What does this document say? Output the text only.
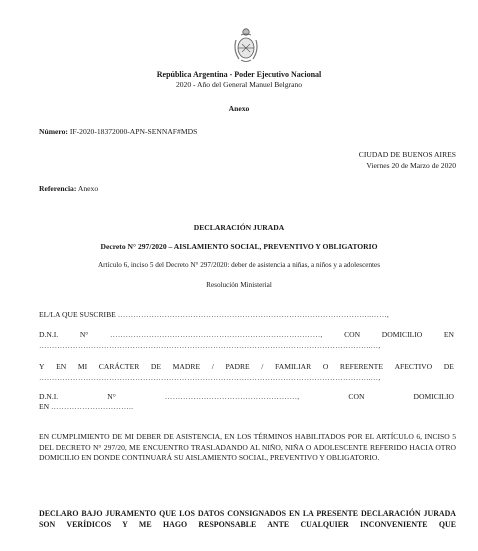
República Argentina - Poder Ejecutivo Nacional
2020 - Año del General Manuel Belgrano
Anexo
Número: IF-2020-18372000-APN-SENNAF#MDS
CIUDAD DE BUENOS AIRES
Viernes 20 de Marzo de 2020
Referencia: Anexo
DECLARACIÓN JURADA
Decreto N° 297/2020 – AISLAMIENTO SOCIAL, PREVENTIVO Y OBLIGATORIO
Artículo 6, inciso 5 del Decreto N° 297/2020: deber de asistencia a niñas, a niños y a adolescentes
Resolución Ministerial
EL/LA QUE SUSCRIBE ……………………………………………………………………………………..……,
D.N.I.	N°	………………………………………………………………………,	CON	DOMICILIO	EN
………………………………………………………………………………………………………………..…,
Y EN MI CARÁCTER DE MADRE / PADRE / FAMILIAR O REFERENTE AFECTIVO DE
………………………………………………………………………………………………………………..…,
D.N.I.	N°	……………………………………………,	CON	DOMICILIO
EN …………………………..
EN CUMPLIMIENTO DE MI DEBER DE ASISTENCIA, EN LOS TÉRMINOS HABILITADOS POR EL ARTÍCULO 6, INCISO 5 DEL DECRETO N° 297/20, ME ENCUENTRO TRASLADANDO AL NIÑO, NIÑA O ADOLESCENTE REFERIDO HACIA OTRO DOMICILIO EN DONDE CONTINUARÁ SU AISLAMIENTO SOCIAL, PREVENTIVO Y OBLIGATORIO.
DECLARO BAJO JURAMENTO QUE LOS DATOS CONSIGNADOS EN LA PRESENTE DECLARACIÓN JURADA SON VERÍDICOS Y ME HAGO RESPONSABLE ANTE CUALQUIER INCONVENIENTE QUE
